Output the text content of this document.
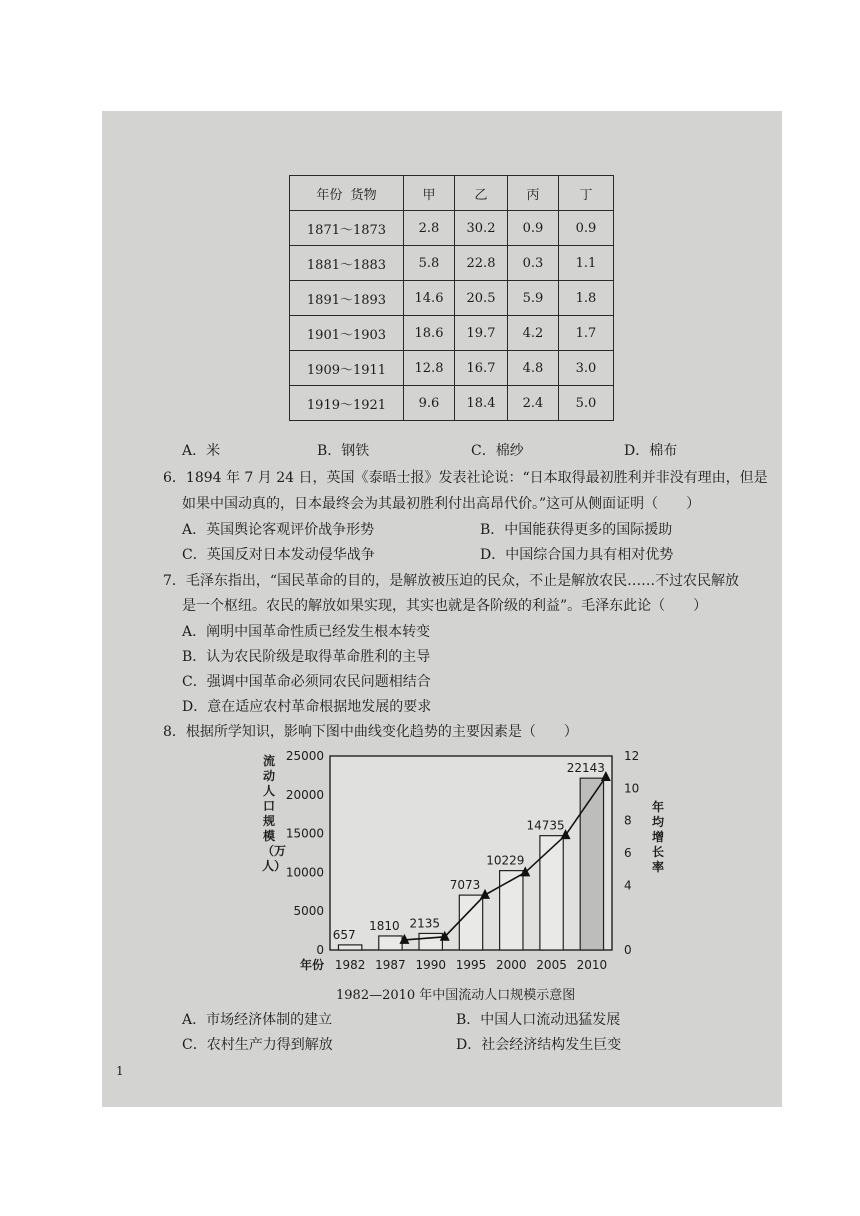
年份 货物	甲	乙	丙	丁
1871～1873	2.8	30.2	0.9	0.9
1881～1883	5.8	22.8	0.3	1.1
1891～1893	14.6	20.5	5.9	1.8
1901～1903	18.6	19.7	4.2	1.7
1909～1911	12.8	16.7	4.8	3.0
1919～1921	9.6	18.4	2.4	5.0
A．米	B．钢铁	C．棉纱	D．棉布
6．1894 年 7 月 24 日，英国《泰晤士报》发表社论说：“日本取得最初胜利并非没有理由，但是
如果中国动真的，日本最终会为其最初胜利付出高昂代价。”这可从侧面证明（　　）
A．英国舆论客观评价战争形势	B．中国能获得更多的国际援助
C．英国反对日本发动侵华战争	D．中国综合国力具有相对优势
7．毛泽东指出，“国民革命的目的，是解放被压迫的民众，不止是解放农民……不过农民解放
是一个枢纽。农民的解放如果实现，其实也就是各阶级的利益”。毛泽东此论（　　）
A．阐明中国革命性质已经发生根本转变
B．认为农民阶级是取得革命胜利的主导
C．强调中国革命必须同农民问题相结合
D．意在适应农村革命根据地发展的要求
8．根据所学知识，影响下图中曲线变化趋势的主要因素是（　　）
流动人口规模（万人）
年均增长率
0
5000
10000
15000
20000
25000
0
4
6
8
10
12
657
1982
1810
1987
2135
1990
7073
1995
10229
2000
14735
2005
22143
2010
年份
1982—2010 年中国流动人口规模示意图
A．市场经济体制的建立	B．中国人口流动迅猛发展
C．农村生产力得到解放	D．社会经济结构发生巨变
1
